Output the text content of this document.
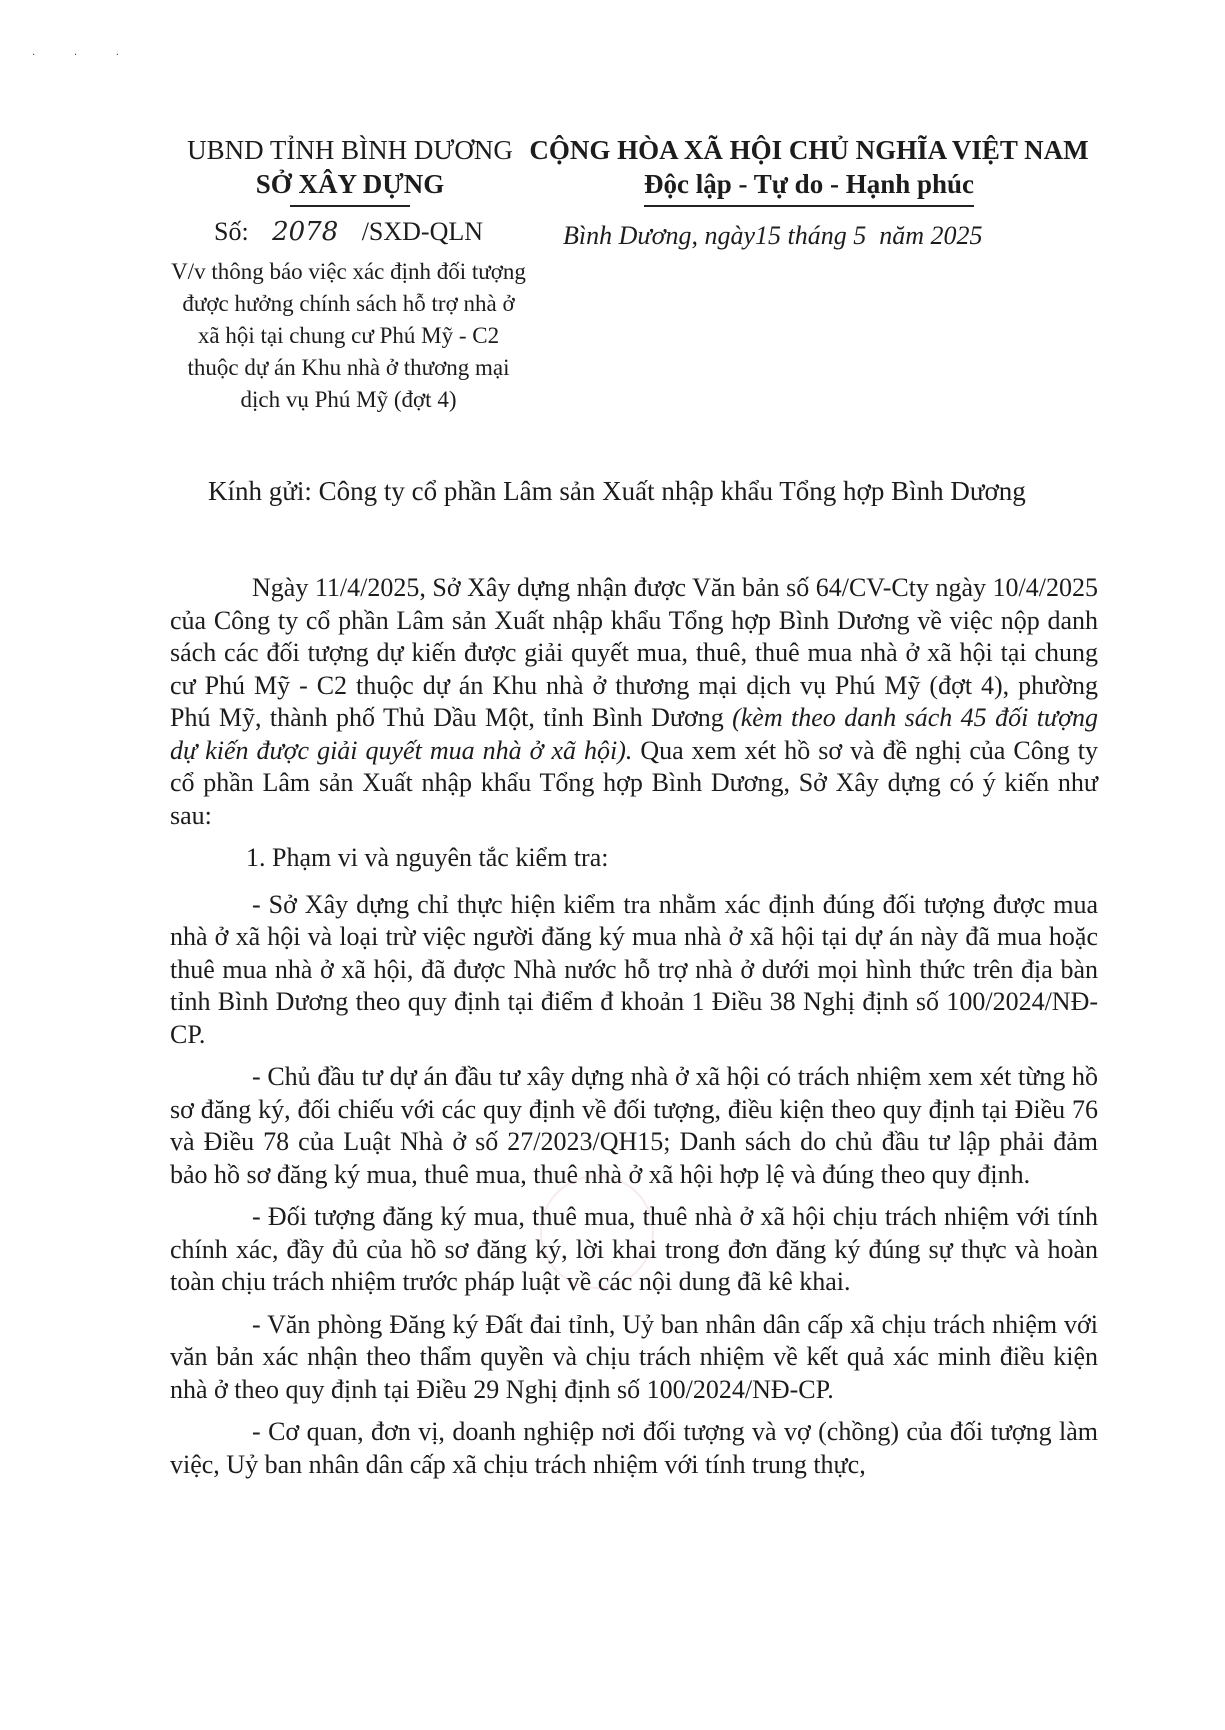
· · ·
UBND TỈNH BÌNH DƯƠNG
SỞ XÂY DỰNG
CỘNG HÒA XÃ HỘI CHỦ NGHĨA VIỆT NAM
Độc lập - Tự do - Hạnh phúc
Số: 2078 /SXD-QLN	Bình Dương, ngày15 tháng 5 năm 2025
V/v thông báo việc xác định đối tượng được hưởng chính sách hỗ trợ nhà ở xã hội tại chung cư Phú Mỹ - C2 thuộc dự án Khu nhà ở thương mại dịch vụ Phú Mỹ (đợt 4)
Kính gửi: Công ty cổ phần Lâm sản Xuất nhập khẩu Tổng hợp Bình Dương

Ngày 11/4/2025, Sở Xây dựng nhận được Văn bản số 64/CV-Cty ngày 10/4/2025 của Công ty cổ phần Lâm sản Xuất nhập khẩu Tổng hợp Bình Dương về việc nộp danh sách các đối tượng dự kiến được giải quyết mua, thuê, thuê mua nhà ở xã hội tại chung cư Phú Mỹ - C2 thuộc dự án Khu nhà ở thương mại dịch vụ Phú Mỹ (đợt 4), phường Phú Mỹ, thành phố Thủ Dầu Một, tỉnh Bình Dương (kèm theo danh sách 45 đối tượng dự kiến được giải quyết mua nhà ở xã hội). Qua xem xét hồ sơ và đề nghị của Công ty cổ phần Lâm sản Xuất nhập khẩu Tổng hợp Bình Dương, Sở Xây dựng có ý kiến như sau:

1. Phạm vi và nguyên tắc kiểm tra:

- Sở Xây dựng chỉ thực hiện kiểm tra nhằm xác định đúng đối tượng được mua nhà ở xã hội và loại trừ việc người đăng ký mua nhà ở xã hội tại dự án này đã mua hoặc thuê mua nhà ở xã hội, đã được Nhà nước hỗ trợ nhà ở dưới mọi hình thức trên địa bàn tỉnh Bình Dương theo quy định tại điểm đ khoản 1 Điều 38 Nghị định số 100/2024/NĐ-CP.

- Chủ đầu tư dự án đầu tư xây dựng nhà ở xã hội có trách nhiệm xem xét từng hồ sơ đăng ký, đối chiếu với các quy định về đối tượng, điều kiện theo quy định tại Điều 76 và Điều 78 của Luật Nhà ở số 27/2023/QH15; Danh sách do chủ đầu tư lập phải đảm bảo hồ sơ đăng ký mua, thuê mua, thuê nhà ở xã hội hợp lệ và đúng theo quy định.

- Đối tượng đăng ký mua, thuê mua, thuê nhà ở xã hội chịu trách nhiệm với tính chính xác, đầy đủ của hồ sơ đăng ký, lời khai trong đơn đăng ký đúng sự thực và hoàn toàn chịu trách nhiệm trước pháp luật về các nội dung đã kê khai.

- Văn phòng Đăng ký Đất đai tỉnh, Uỷ ban nhân dân cấp xã chịu trách nhiệm với văn bản xác nhận theo thẩm quyền và chịu trách nhiệm về kết quả xác minh điều kiện nhà ở theo quy định tại Điều 29 Nghị định số 100/2024/NĐ-CP.

- Cơ quan, đơn vị, doanh nghiệp nơi đối tượng và vợ (chồng) của đối tượng làm việc, Uỷ ban nhân dân cấp xã chịu trách nhiệm với tính trung thực,
